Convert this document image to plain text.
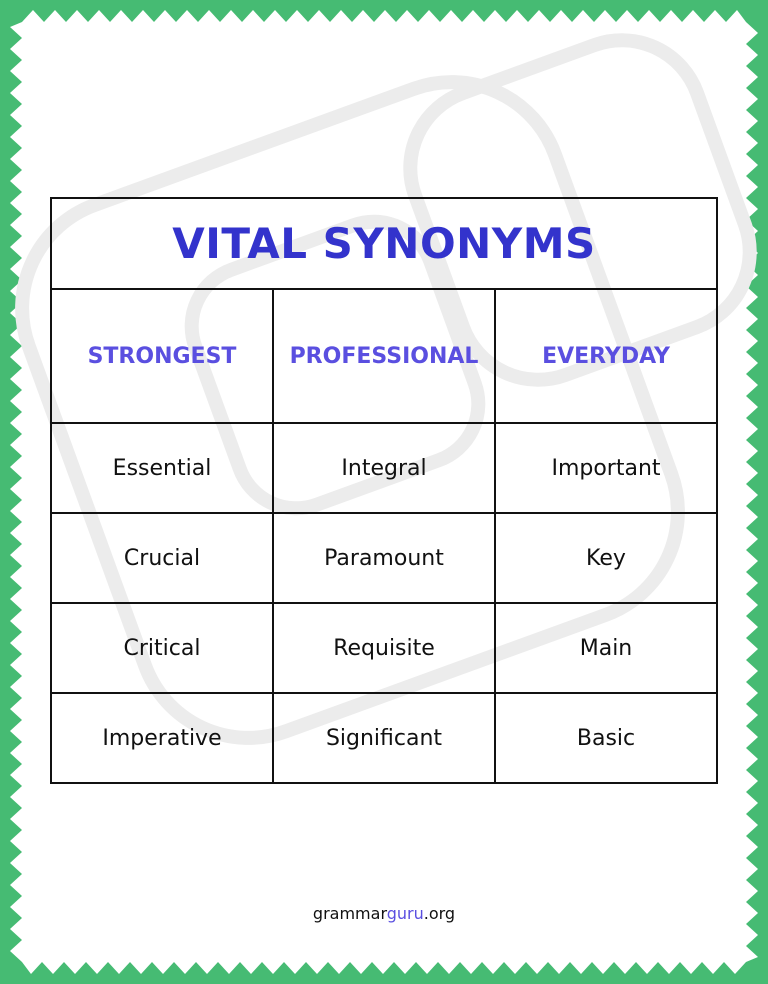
VITAL SYNONYMS
STRONGEST	PROFESSIONAL	EVERYDAY
Essential	Integral	Important
Crucial	Paramount	Key
Critical	Requisite	Main
Imperative	Significant	Basic
grammarguru.org
